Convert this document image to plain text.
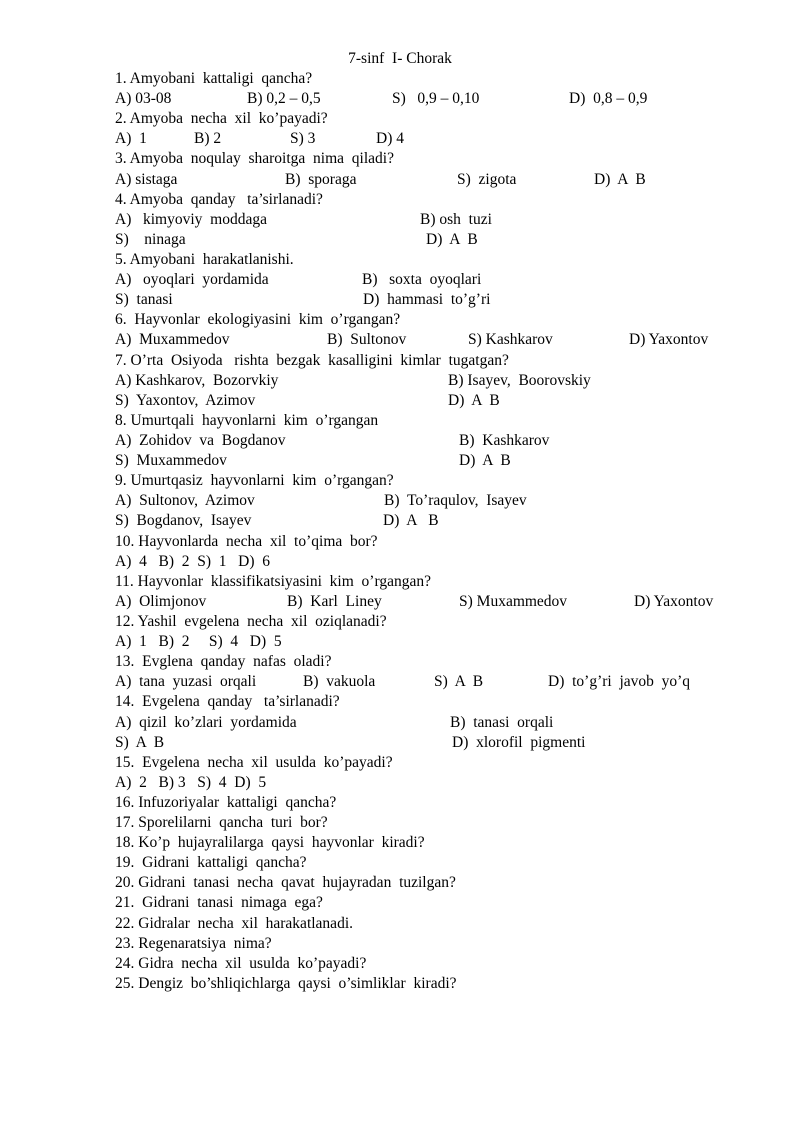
7-sinf  I- Chorak
1. Amyobani  kattaligi  qancha?
A) 03-08	B) 0,2 – 0,5	S)   0,9 – 0,10	D)  0,8 – 0,9
2. Amyoba  necha  xil  ko’payadi?
A)  1	B) 2	S) 3	D) 4
3. Amyoba  noqulay  sharoitga  nima  qiladi?
A) sistaga	B)  sporaga	S)  zigota	D)  A  B
4. Amyoba  qanday   ta’sirlanadi?
A)   kimyoviy  moddaga	B) osh  tuzi
S)    ninaga	D)  A  B
5. Amyobani  harakatlanishi.
A)   oyoqlari  yordamida	B)   soxta  oyoqlari
S)  tanasi	D)  hammasi  to’g’ri
6.  Hayvonlar  ekologiyasini  kim  o’rgangan?
A)  Muxammedov	B)  Sultonov	S) Kashkarov	D) Yaxontov
7. O’rta  Osiyoda   rishta  bezgak  kasalligini  kimlar  tugatgan?
A) Kashkarov,  Bozorvkiy	B) Isayev,  Boorovskiy
S)  Yaxontov,  Azimov	D)  A  B
8. Umurtqali  hayvonlarni  kim  o’rgangan
A)  Zohidov  va  Bogdanov	B)  Kashkarov
S)  Muxammedov	D)  A  B
9. Umurtqasiz  hayvonlarni  kim  o’rgangan?
A)  Sultonov,  Azimov	B)  To’raqulov,  Isayev
S)  Bogdanov,  Isayev	D)  A   B
10. Hayvonlarda  necha  xil  to’qima  bor?
A)  4   B)  2  S)  1   D)  6
11. Hayvonlar  klassifikatsiyasini  kim  o’rgangan?
A)  Olimjonov	B)  Karl  Liney	S) Muxammedov	D) Yaxontov
12. Yashil  evgelena  necha  xil  oziqlanadi?
A)  1   B)  2     S)  4   D)  5
13.  Evglena  qanday  nafas  oladi?
A)  tana  yuzasi  orqali	B)  vakuola	S)  A  B	D)  to’g’ri  javob  yo’q
14.  Evgelena  qanday   ta’sirlanadi?
A)  qizil  ko’zlari  yordamida	B)  tanasi  orqali
S)  A  B	D)  xlorofil  pigmenti
15.  Evgelena  necha  xil  usulda  ko’payadi?
A)  2   B) 3   S)  4  D)  5
16. Infuzoriyalar  kattaligi  qancha?
17. Sporelilarni  qancha  turi  bor?
18. Ko’p  hujayralilarga  qaysi  hayvonlar  kiradi?
19.  Gidrani  kattaligi  qancha?
20. Gidrani  tanasi  necha  qavat  hujayradan  tuzilgan?
21.  Gidrani  tanasi  nimaga  ega?
22. Gidralar  necha  xil  harakatlanadi.
23. Regenaratsiya  nima?
24. Gidra  necha  xil  usulda  ko’payadi?
25. Dengiz  bo’shliqichlarga  qaysi  o’simliklar  kiradi?
